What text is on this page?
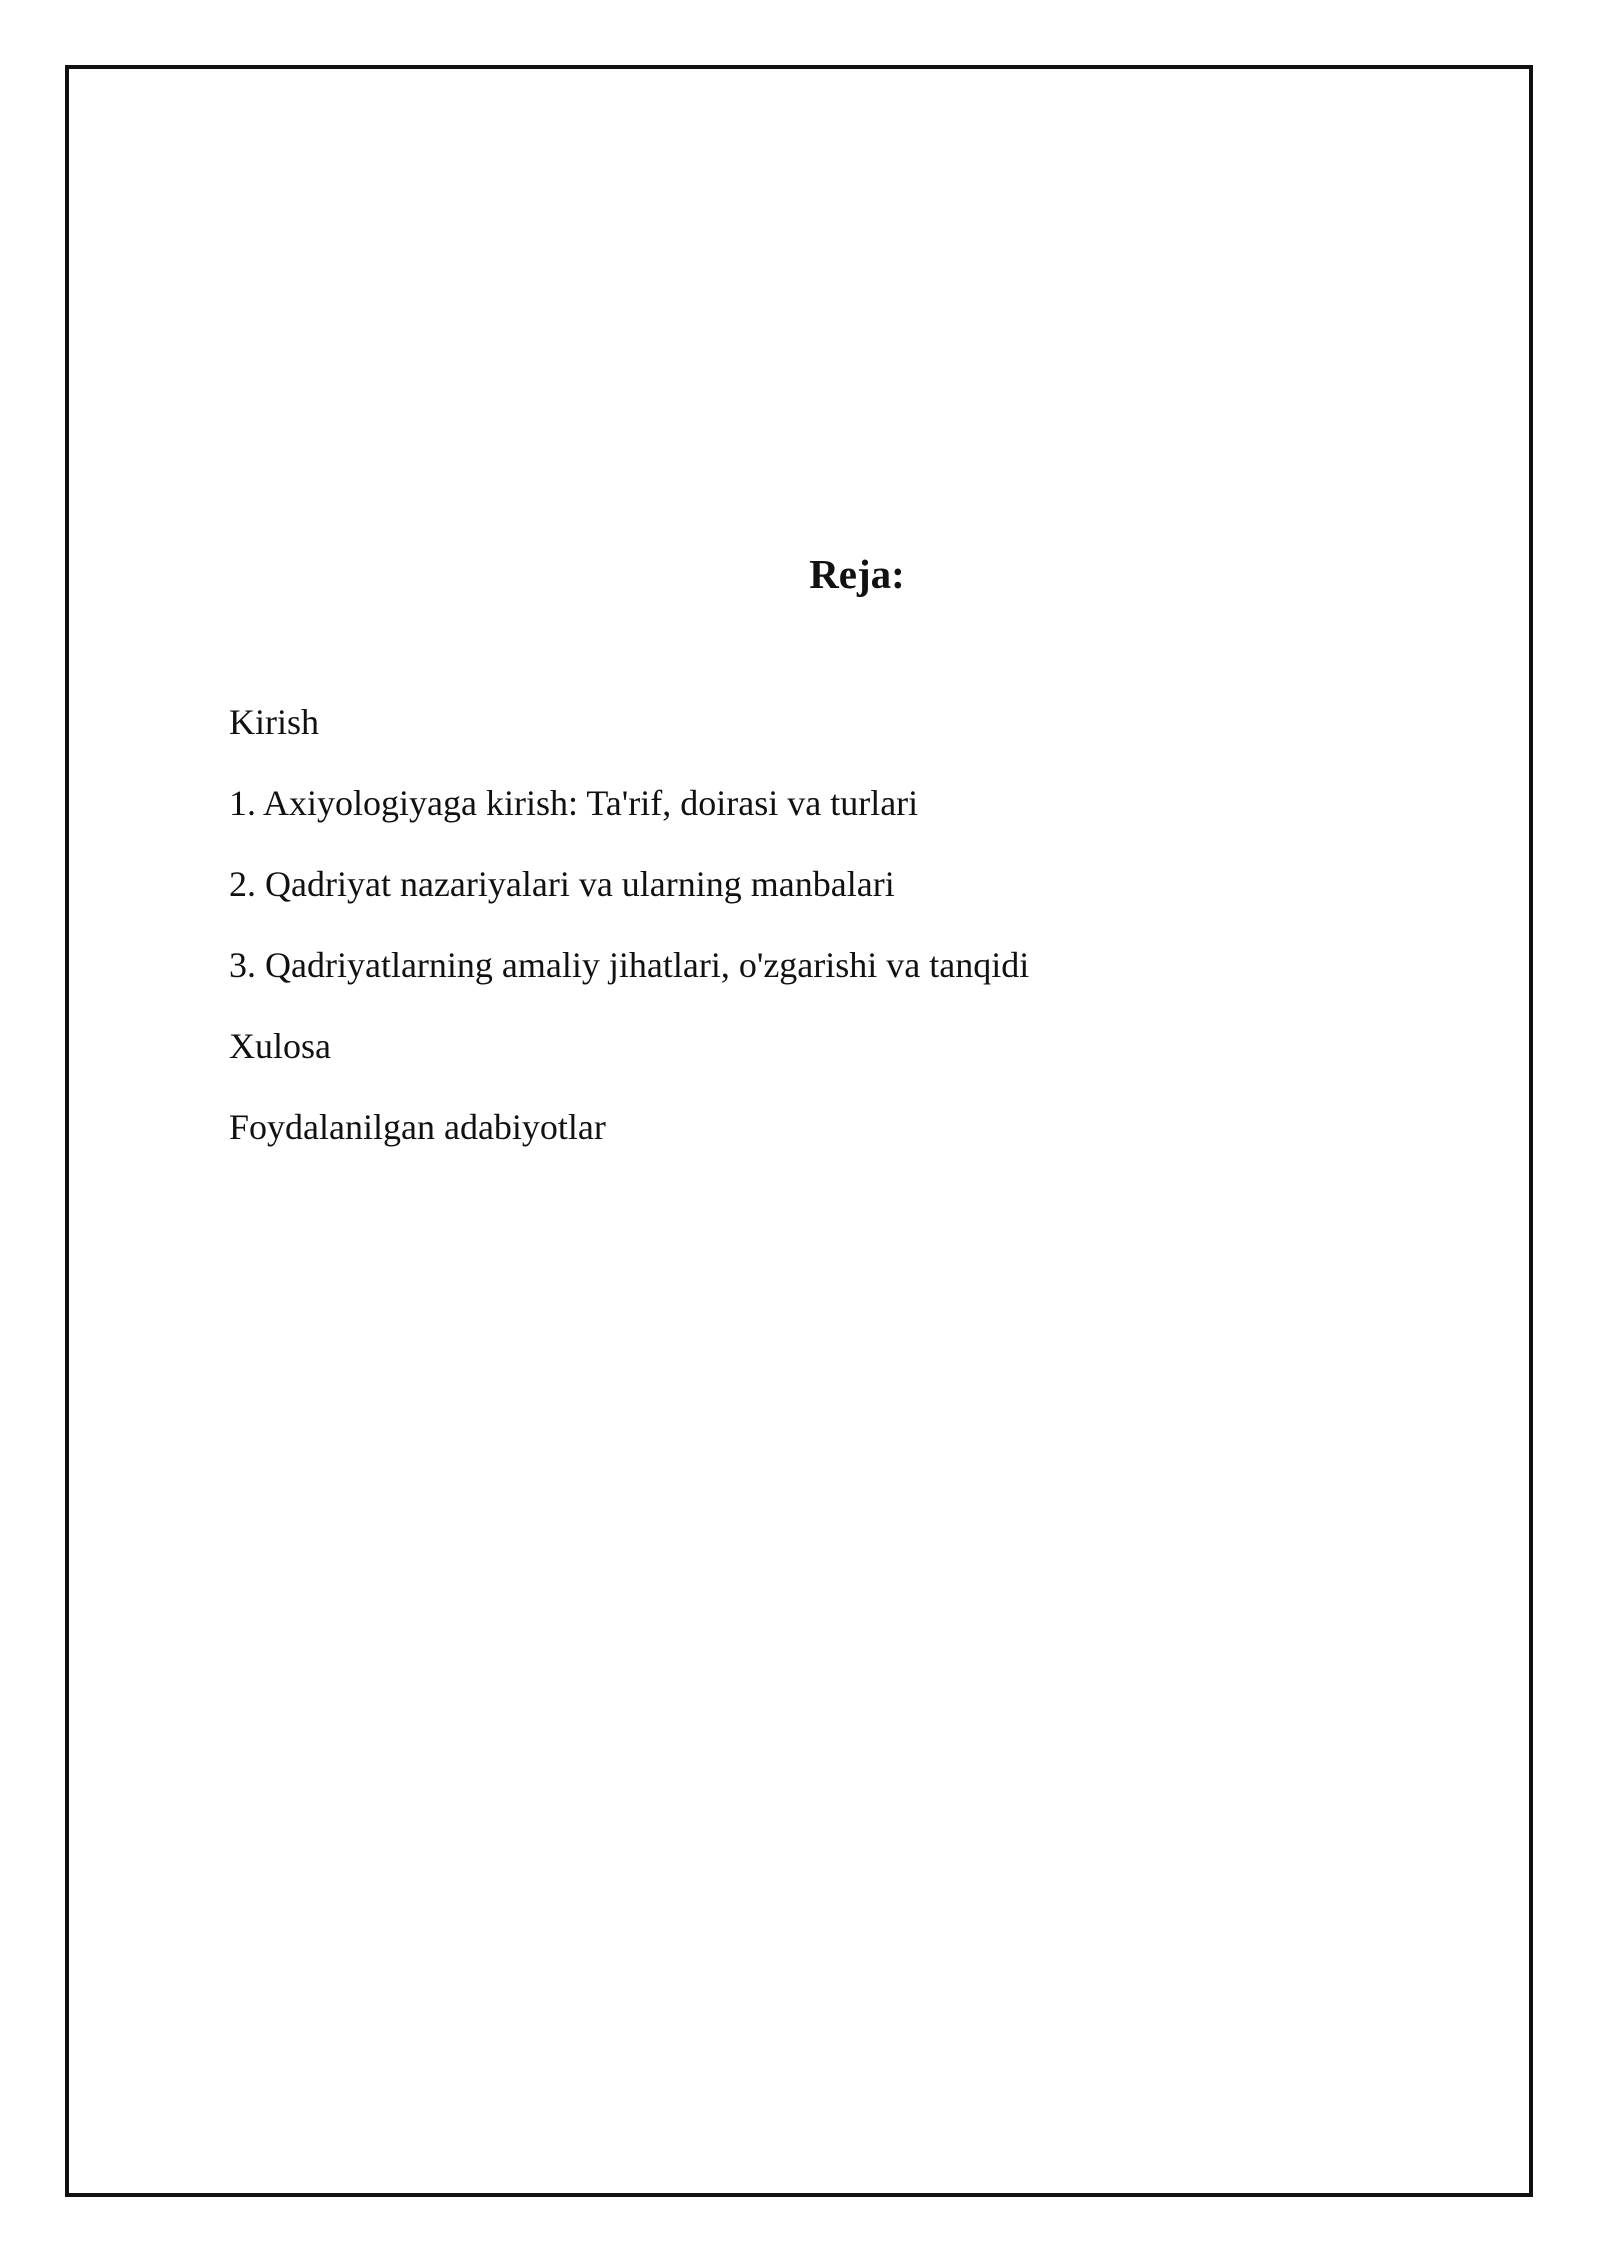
Reja:
Kirish
1. Axiyologiyaga kirish: Ta'rif, doirasi va turlari
2. Qadriyat nazariyalari va ularning manbalari
3. Qadriyatlarning amaliy jihatlari, o'zgarishi va tanqidi
Xulosa
Foydalanilgan adabiyotlar
